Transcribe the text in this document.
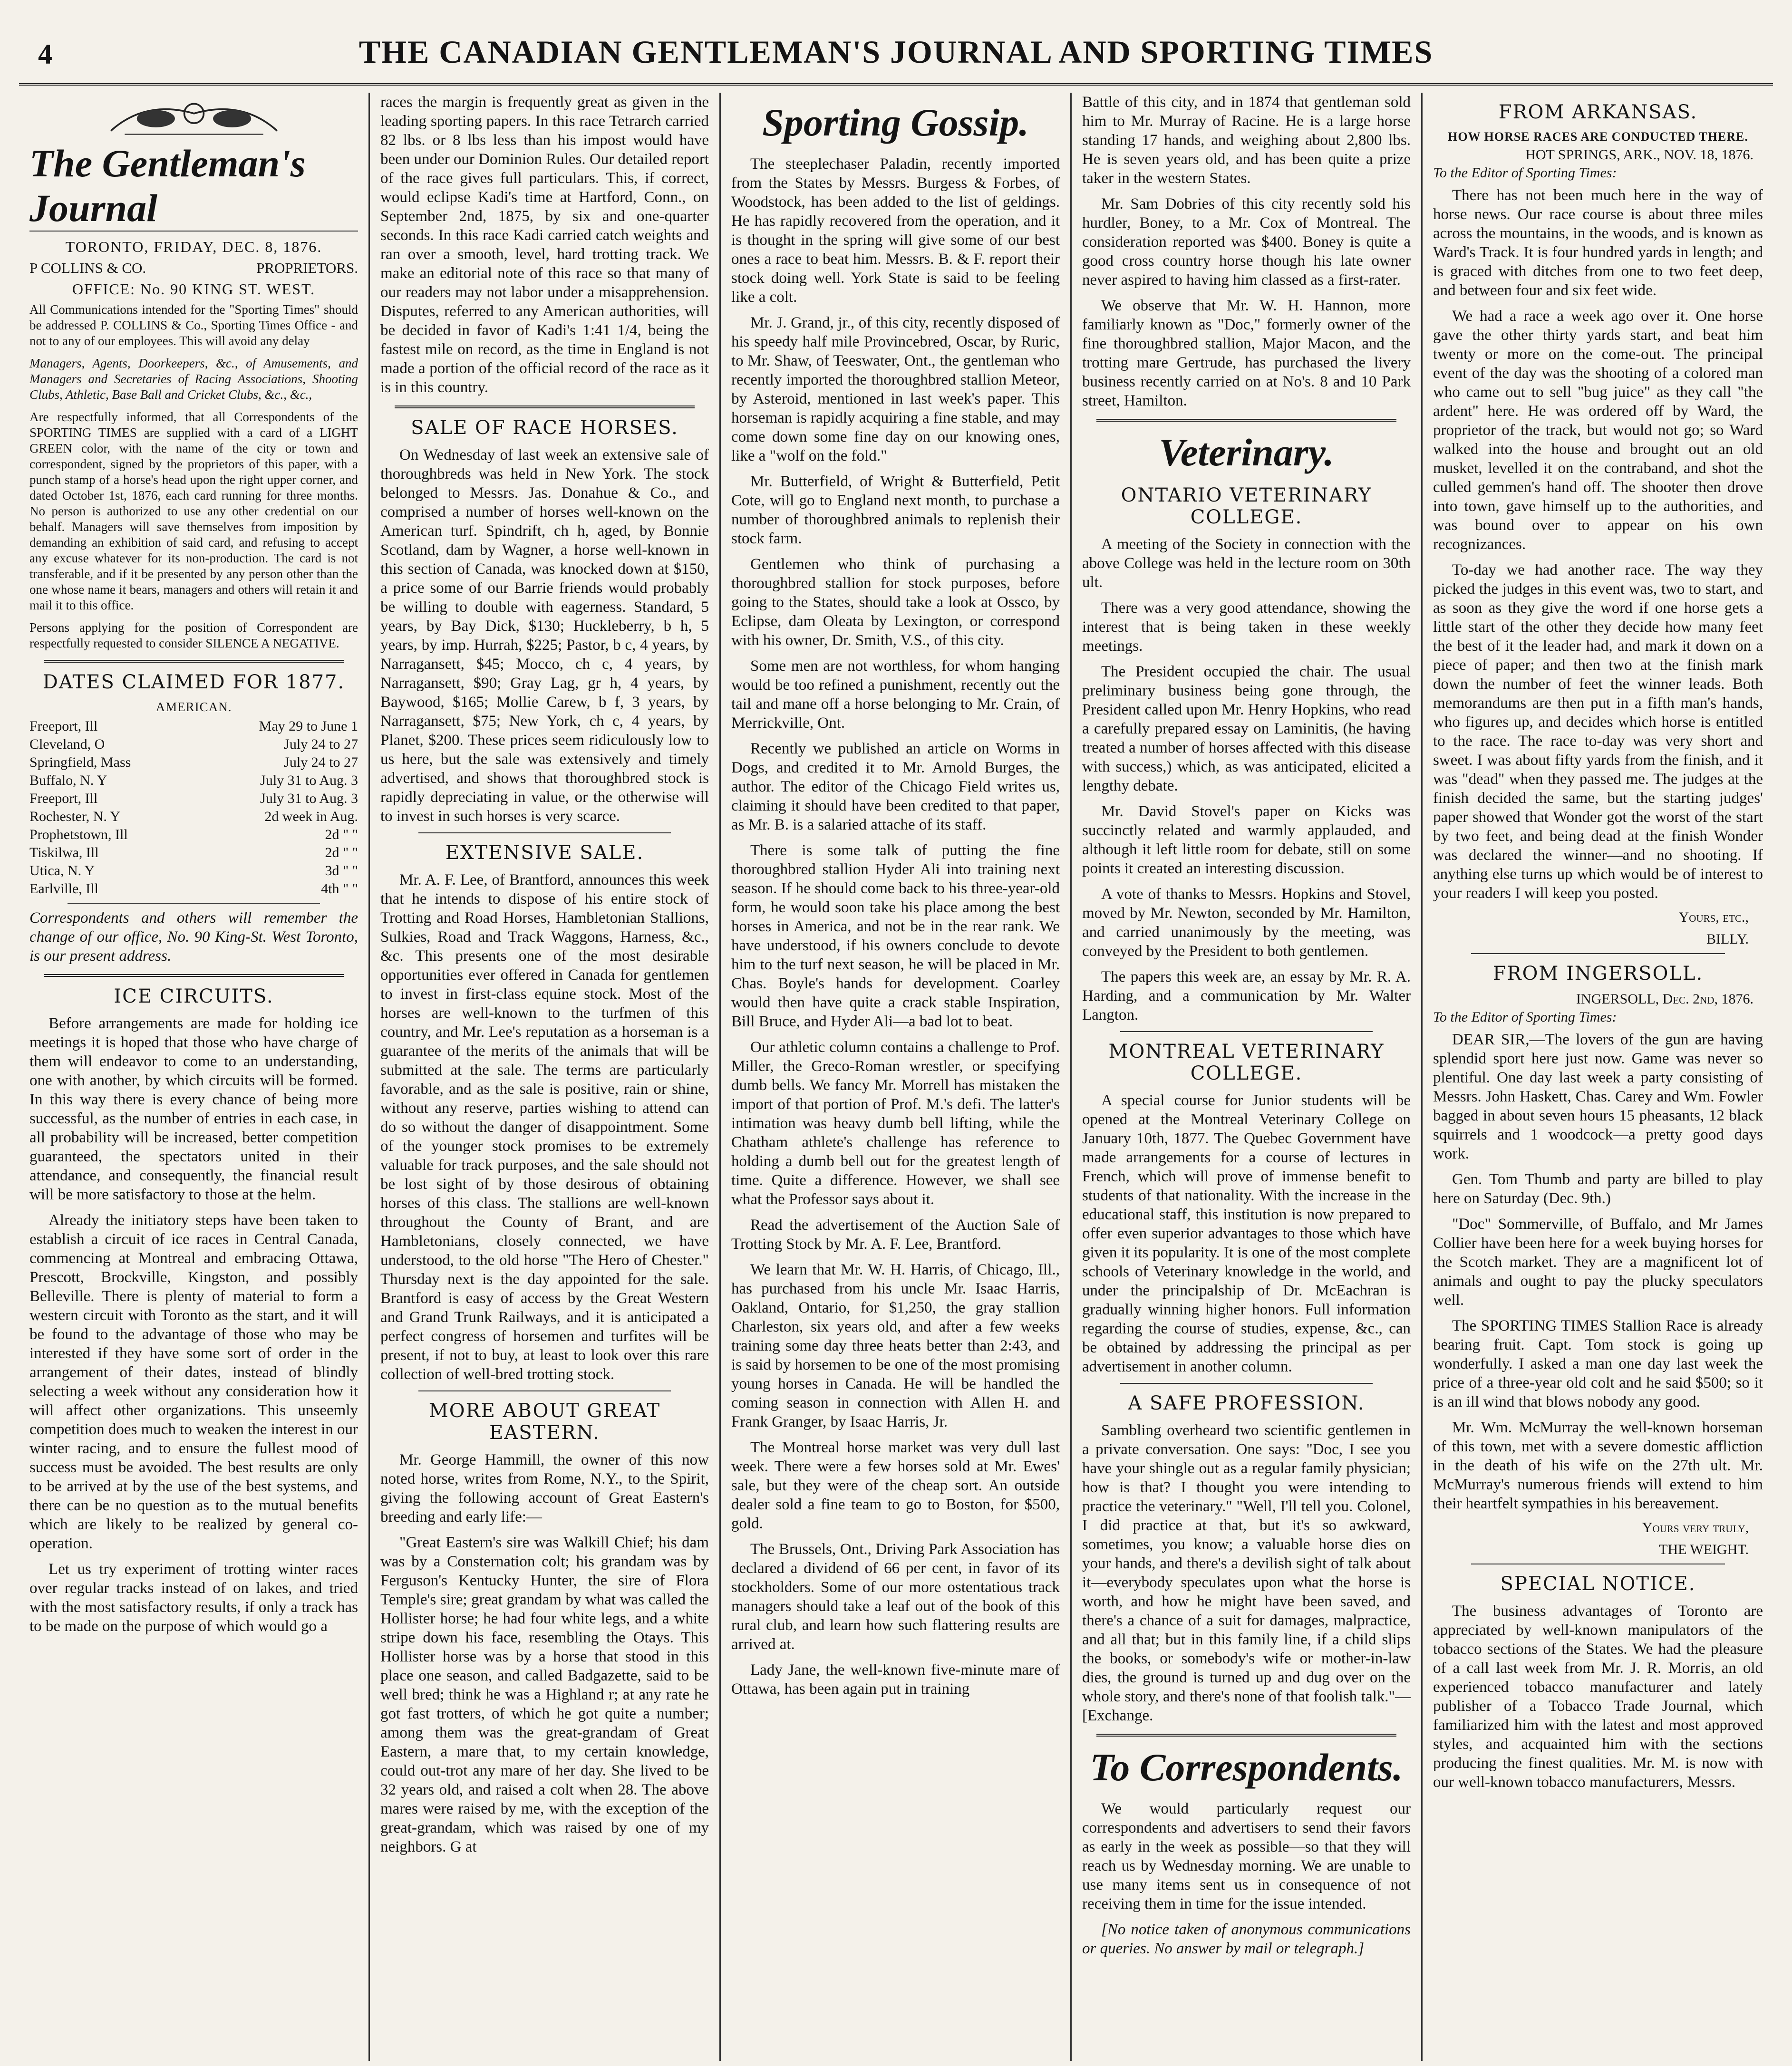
4	THE CANADIAN GENTLEMAN'S JOURNAL AND SPORTING TIMES
The Gentleman's Journal
TORONTO, FRIDAY, DEC. 8, 1876.
P COLLINS & CO.	PROPRIETORS.
OFFICE: No. 90 KING ST. WEST.

All Communications intended for the "Sporting Times" should be addressed P. COLLINS & Co., Sporting Times Office - and not to any of our employees. This will avoid any delay

Managers, Agents, Doorkeepers, &c., of Amusements, and Managers and Secretaries of Racing Associations, Shooting Clubs, Athletic, Base Ball and Cricket Clubs, &c., &c.,

Are respectfully informed, that all Correspondents of the SPORTING TIMES are supplied with a card of a LIGHT GREEN color, with the name of the city or town and correspondent, signed by the proprietors of this paper, with a punch stamp of a horse's head upon the right upper corner, and dated October 1st, 1876, each card running for three months. No person is authorized to use any other credential on our behalf. Managers will save themselves from imposition by demanding an exhibition of said card, and refusing to accept any excuse whatever for its non-production. The card is not transferable, and if it be presented by any person other than the one whose name it bears, managers and others will retain it and mail it to this office.

Persons applying for the position of Correspondent are respectfully requested to consider SILENCE A NEGATIVE.

DATES CLAIMED FOR 1877.
AMERICAN.
Freeport, Ill	May 29 to June 1
Cleveland, O	July 24 to 27
Springfield, Mass	July 24 to 27
Buffalo, N. Y	July 31 to Aug. 3
Freeport, Ill	July 31 to Aug. 3
Rochester, N. Y	2d week in Aug.
Prophetstown, Ill	2d " "
Tiskilwa, Ill	2d " "
Utica, N. Y	3d " "
Earlville, Ill	4th " "

Correspondents and others will remember the change of our office, No. 90 King-St. West Toronto, is our present address.

ICE CIRCUITS.

Before arrangements are made for holding ice meetings it is hoped that those who have charge of them will endeavor to come to an understanding, one with another, by which circuits will be formed. In this way there is every chance of being more successful, as the number of entries in each case, in all probability will be increased, better competition guaranteed, the spectators united in their attendance, and consequently, the financial result will be more satisfactory to those at the helm.

Already the initiatory steps have been taken to establish a circuit of ice races in Central Canada, commencing at Montreal and embracing Ottawa, Prescott, Brockville, Kingston, and possibly Belleville. There is plenty of material to form a western circuit with Toronto as the start, and it will be found to the advantage of those who may be interested if they have some sort of order in the arrangement of their dates, instead of blindly selecting a week without any consideration how it will affect other organizations. This unseemly competition does much to weaken the interest in our winter racing, and to ensure the fullest mood of success must be avoided. The best results are only to be arrived at by the use of the best systems, and there can be no question as to the mutual benefits which are likely to be realized by general co-operation.

Let us try experiment of trotting winter races over regular tracks instead of on lakes, and tried with the most satisfactory results, if only a track has to be made on the purpose of which would go a

races the margin is frequently great as given in the leading sporting papers. In this race Tetrarch carried 82 lbs. or 8 lbs less than his impost would have been under our Dominion Rules. Our detailed report of the race gives full particulars. This, if correct, would eclipse Kadi's time at Hartford, Conn., on September 2nd, 1875, by six and one-quarter seconds. In this race Kadi carried catch weights and ran over a smooth, level, hard trotting track. We make an editorial note of this race so that many of our readers may not labor under a misapprehension. Disputes, referred to any American authorities, will be decided in favor of Kadi's 1:41 1/4, being the fastest mile on record, as the time in England is not made a portion of the official record of the race as it is in this country.

SALE OF RACE HORSES.

On Wednesday of last week an extensive sale of thoroughbreds was held in New York. The stock belonged to Messrs. Jas. Donahue & Co., and comprised a number of horses well-known on the American turf. Spindrift, ch h, aged, by Bonnie Scotland, dam by Wagner, a horse well-known in this section of Canada, was knocked down at $150, a price some of our Barrie friends would probably be willing to double with eagerness. Standard, 5 years, by Bay Dick, $130; Huckleberry, b h, 5 years, by imp. Hurrah, $225; Pastor, b c, 4 years, by Narragansett, $45; Mocco, ch c, 4 years, by Narragansett, $90; Gray Lag, gr h, 4 years, by Baywood, $165; Mollie Carew, b f, 3 years, by Narragansett, $75; New York, ch c, 4 years, by Planet, $200. These prices seem ridiculously low to us here, but the sale was extensively and timely advertised, and shows that thoroughbred stock is rapidly depreciating in value, or the otherwise will to invest in such horses is very scarce.

EXTENSIVE SALE.

Mr. A. F. Lee, of Brantford, announces this week that he intends to dispose of his entire stock of Trotting and Road Horses, Hambletonian Stallions, Sulkies, Road and Track Waggons, Harness, &c., &c. This presents one of the most desirable opportunities ever offered in Canada for gentlemen to invest in first-class equine stock. Most of the horses are well-known to the turfmen of this country, and Mr. Lee's reputation as a horseman is a guarantee of the merits of the animals that will be submitted at the sale. The terms are particularly favorable, and as the sale is positive, rain or shine, without any reserve, parties wishing to attend can do so without the danger of disappointment. Some of the younger stock promises to be extremely valuable for track purposes, and the sale should not be lost sight of by those desirous of obtaining horses of this class. The stallions are well-known throughout the County of Brant, and are Hambletonians, closely connected, we have understood, to the old horse "The Hero of Chester." Thursday next is the day appointed for the sale. Brantford is easy of access by the Great Western and Grand Trunk Railways, and it is anticipated a perfect congress of horsemen and turfites will be present, if not to buy, at least to look over this rare collection of well-bred trotting stock.

MORE ABOUT GREAT EASTERN.

Mr. George Hammill, the owner of this now noted horse, writes from Rome, N.Y., to the Spirit, giving the following account of Great Eastern's breeding and early life:—

"Great Eastern's sire was Walkill Chief; his dam was by a Consternation colt; his grandam was by Ferguson's Kentucky Hunter, the sire of Flora Temple's sire; great grandam by what was called the Hollister horse; he had four white legs, and a white stripe down his face, resembling the Otays. This Hollister horse was by a horse that stood in this place one season, and called Badgazette, said to be well bred; think he was a Highland r; at any rate he got fast trotters, of which he got quite a number; among them was the great-grandam of Great Eastern, a mare that, to my certain knowledge, could out-trot any mare of her day. She lived to be 32 years old, and raised a colt when 28. The above mares were raised by me, with the exception of the great-grandam, which was raised by one of my neighbors. G at

Sporting Gossip.

The steeplechaser Paladin, recently imported from the States by Messrs. Burgess & Forbes, of Woodstock, has been added to the list of geldings. He has rapidly recovered from the operation, and it is thought in the spring will give some of our best ones a race to beat him. Messrs. B. & F. report their stock doing well. York State is said to be feeling like a colt.

Mr. J. Grand, jr., of this city, recently disposed of his speedy half mile Provincebred, Oscar, by Ruric, to Mr. Shaw, of Teeswater, Ont., the gentleman who recently imported the thoroughbred stallion Meteor, by Asteroid, mentioned in last week's paper. This horseman is rapidly acquiring a fine stable, and may come down some fine day on our knowing ones, like a "wolf on the fold."

Mr. Butterfield, of Wright & Butterfield, Petit Cote, will go to England next month, to purchase a number of thoroughbred animals to replenish their stock farm.

Gentlemen who think of purchasing a thoroughbred stallion for stock purposes, before going to the States, should take a look at Ossco, by Eclipse, dam Oleata by Lexington, or correspond with his owner, Dr. Smith, V.S., of this city.

Some men are not worthless, for whom hanging would be too refined a punishment, recently out the tail and mane off a horse belonging to Mr. Crain, of Merrickville, Ont.

Recently we published an article on Worms in Dogs, and credited it to Mr. Arnold Burges, the author. The editor of the Chicago Field writes us, claiming it should have been credited to that paper, as Mr. B. is a salaried attache of its staff.

There is some talk of putting the fine thoroughbred stallion Hyder Ali into training next season. If he should come back to his three-year-old form, he would soon take his place among the best horses in America, and not be in the rear rank. We have understood, if his owners conclude to devote him to the turf next season, he will be placed in Mr. Chas. Boyle's hands for development. Coarley would then have quite a crack stable Inspiration, Bill Bruce, and Hyder Ali—a bad lot to beat.

Our athletic column contains a challenge to Prof. Miller, the Greco-Roman wrestler, or specifying dumb bells. We fancy Mr. Morrell has mistaken the import of that portion of Prof. M.'s defi. The latter's intimation was heavy dumb bell lifting, while the Chatham athlete's challenge has reference to holding a dumb bell out for the greatest length of time. Quite a difference. However, we shall see what the Professor says about it.

Read the advertisement of the Auction Sale of Trotting Stock by Mr. A. F. Lee, Brantford.

We learn that Mr. W. H. Harris, of Chicago, Ill., has purchased from his uncle Mr. Isaac Harris, Oakland, Ontario, for $1,250, the gray stallion Charleston, six years old, and after a few weeks training some day three heats better than 2:43, and is said by horsemen to be one of the most promising young horses in Canada. He will be handled the coming season in connection with Allen H. and Frank Granger, by Isaac Harris, Jr.

The Montreal horse market was very dull last week. There were a few horses sold at Mr. Ewes' sale, but they were of the cheap sort. An outside dealer sold a fine team to go to Boston, for $500, gold.

The Brussels, Ont., Driving Park Association has declared a dividend of 66 per cent, in favor of its stockholders. Some of our more ostentatious track managers should take a leaf out of the book of this rural club, and learn how such flattering results are arrived at.

Lady Jane, the well-known five-minute mare of Ottawa, has been again put in training

Battle of this city, and in 1874 that gentleman sold him to Mr. Murray of Racine. He is a large horse standing 17 hands, and weighing about 2,800 lbs. He is seven years old, and has been quite a prize taker in the western States.

Mr. Sam Dobries of this city recently sold his hurdler, Boney, to a Mr. Cox of Montreal. The consideration reported was $400. Boney is quite a good cross country horse though his late owner never aspired to having him classed as a first-rater.

We observe that Mr. W. H. Hannon, more familiarly known as "Doc," formerly owner of the fine thoroughbred stallion, Major Macon, and the trotting mare Gertrude, has purchased the livery business recently carried on at No's. 8 and 10 Park street, Hamilton.

Veterinary.
ONTARIO VETERINARY COLLEGE.

A meeting of the Society in connection with the above College was held in the lecture room on 30th ult.

There was a very good attendance, showing the interest that is being taken in these weekly meetings.

The President occupied the chair. The usual preliminary business being gone through, the President called upon Mr. Henry Hopkins, who read a carefully prepared essay on Laminitis, (he having treated a number of horses affected with this disease with success,) which, as was anticipated, elicited a lengthy debate.

Mr. David Stovel's paper on Kicks was succinctly related and warmly applauded, and although it left little room for debate, still on some points it created an interesting discussion.

A vote of thanks to Messrs. Hopkins and Stovel, moved by Mr. Newton, seconded by Mr. Hamilton, and carried unanimously by the meeting, was conveyed by the President to both gentlemen.

The papers this week are, an essay by Mr. R. A. Harding, and a communication by Mr. Walter Langton.

MONTREAL VETERINARY COLLEGE.

A special course for Junior students will be opened at the Montreal Veterinary College on January 10th, 1877. The Quebec Government have made arrangements for a course of lectures in French, which will prove of immense benefit to students of that nationality. With the increase in the educational staff, this institution is now prepared to offer even superior advantages to those which have given it its popularity. It is one of the most complete schools of Veterinary knowledge in the world, and under the principalship of Dr. McEachran is gradually winning higher honors. Full information regarding the course of studies, expense, &c., can be obtained by addressing the principal as per advertisement in another column.

A SAFE PROFESSION.

Sambling overheard two scientific gentlemen in a private conversation. One says: "Doc, I see you have your shingle out as a regular family physician; how is that? I thought you were intending to practice the veterinary." "Well, I'll tell you. Colonel, I did practice at that, but it's so awkward, sometimes, you know; a valuable horse dies on your hands, and there's a devilish sight of talk about it—everybody speculates upon what the horse is worth, and how he might have been saved, and there's a chance of a suit for damages, malpractice, and all that; but in this family line, if a child slips the books, or somebody's wife or mother-in-law dies, the ground is turned up and dug over on the whole story, and there's none of that foolish talk."—[Exchange.

To Correspondents.

We would particularly request our correspondents and advertisers to send their favors as early in the week as possible—so that they will reach us by Wednesday morning. We are unable to use many items sent us in consequence of not receiving them in time for the issue intended.

[No notice taken of anonymous communications or queries. No answer by mail or telegraph.]

FROM ARKANSAS.
HOW HORSE RACES ARE CONDUCTED THERE.
HOT SPRINGS, ARK., NOV. 18, 1876.
To the Editor of Sporting Times:

There has not been much here in the way of horse news. Our race course is about three miles across the mountains, in the woods, and is known as Ward's Track. It is four hundred yards in length; and is graced with ditches from one to two feet deep, and between four and six feet wide.

We had a race a week ago over it. One horse gave the other thirty yards start, and beat him twenty or more on the come-out. The principal event of the day was the shooting of a colored man who came out to sell "bug juice" as they call "the ardent" here. He was ordered off by Ward, the proprietor of the track, but would not go; so Ward walked into the house and brought out an old musket, levelled it on the contraband, and shot the culled gemmen's hand off. The shooter then drove into town, gave himself up to the authorities, and was bound over to appear on his own recognizances.

To-day we had another race. The way they picked the judges in this event was, two to start, and as soon as they give the word if one horse gets a little start of the other they decide how many feet the best of it the leader had, and mark it down on a piece of paper; and then two at the finish mark down the number of feet the winner leads. Both memorandums are then put in a fifth man's hands, who figures up, and decides which horse is entitled to the race. The race to-day was very short and sweet. I was about fifty yards from the finish, and it was "dead" when they passed me. The judges at the finish decided the same, but the starting judges' paper showed that Wonder got the worst of the start by two feet, and being dead at the finish Wonder was declared the winner—and no shooting. If anything else turns up which would be of interest to your readers I will keep you posted.

Yours, etc.,
BILLY.
FROM INGERSOLL.
INGERSOLL, Dec. 2nd, 1876.
To the Editor of Sporting Times:

DEAR SIR,—The lovers of the gun are having splendid sport here just now. Game was never so plentiful. One day last week a party consisting of Messrs. John Haskett, Chas. Carey and Wm. Fowler bagged in about seven hours 15 pheasants, 12 black squirrels and 1 woodcock—a pretty good days work.

Gen. Tom Thumb and party are billed to play here on Saturday (Dec. 9th.)

"Doc" Sommerville, of Buffalo, and Mr James Collier have been here for a week buying horses for the Scotch market. They are a magnificent lot of animals and ought to pay the plucky speculators well.

The SPORTING TIMES Stallion Race is already bearing fruit. Capt. Tom stock is going up wonderfully. I asked a man one day last week the price of a three-year old colt and he said $500; so it is an ill wind that blows nobody any good.

Mr. Wm. McMurray the well-known horseman of this town, met with a severe domestic affliction in the death of his wife on the 27th ult. Mr. McMurray's numerous friends will extend to him their heartfelt sympathies in his bereavement.

Yours very truly,
THE WEIGHT.
SPECIAL NOTICE.

The business advantages of Toronto are appreciated by well-known manipulators of the tobacco sections of the States. We had the pleasure of a call last week from Mr. J. R. Morris, an old experienced tobacco manufacturer and lately publisher of a Tobacco Trade Journal, which familiarized him with the latest and most approved styles, and acquainted him with the sections producing the finest qualities. Mr. M. is now with our well-known tobacco manufacturers, Messrs.
